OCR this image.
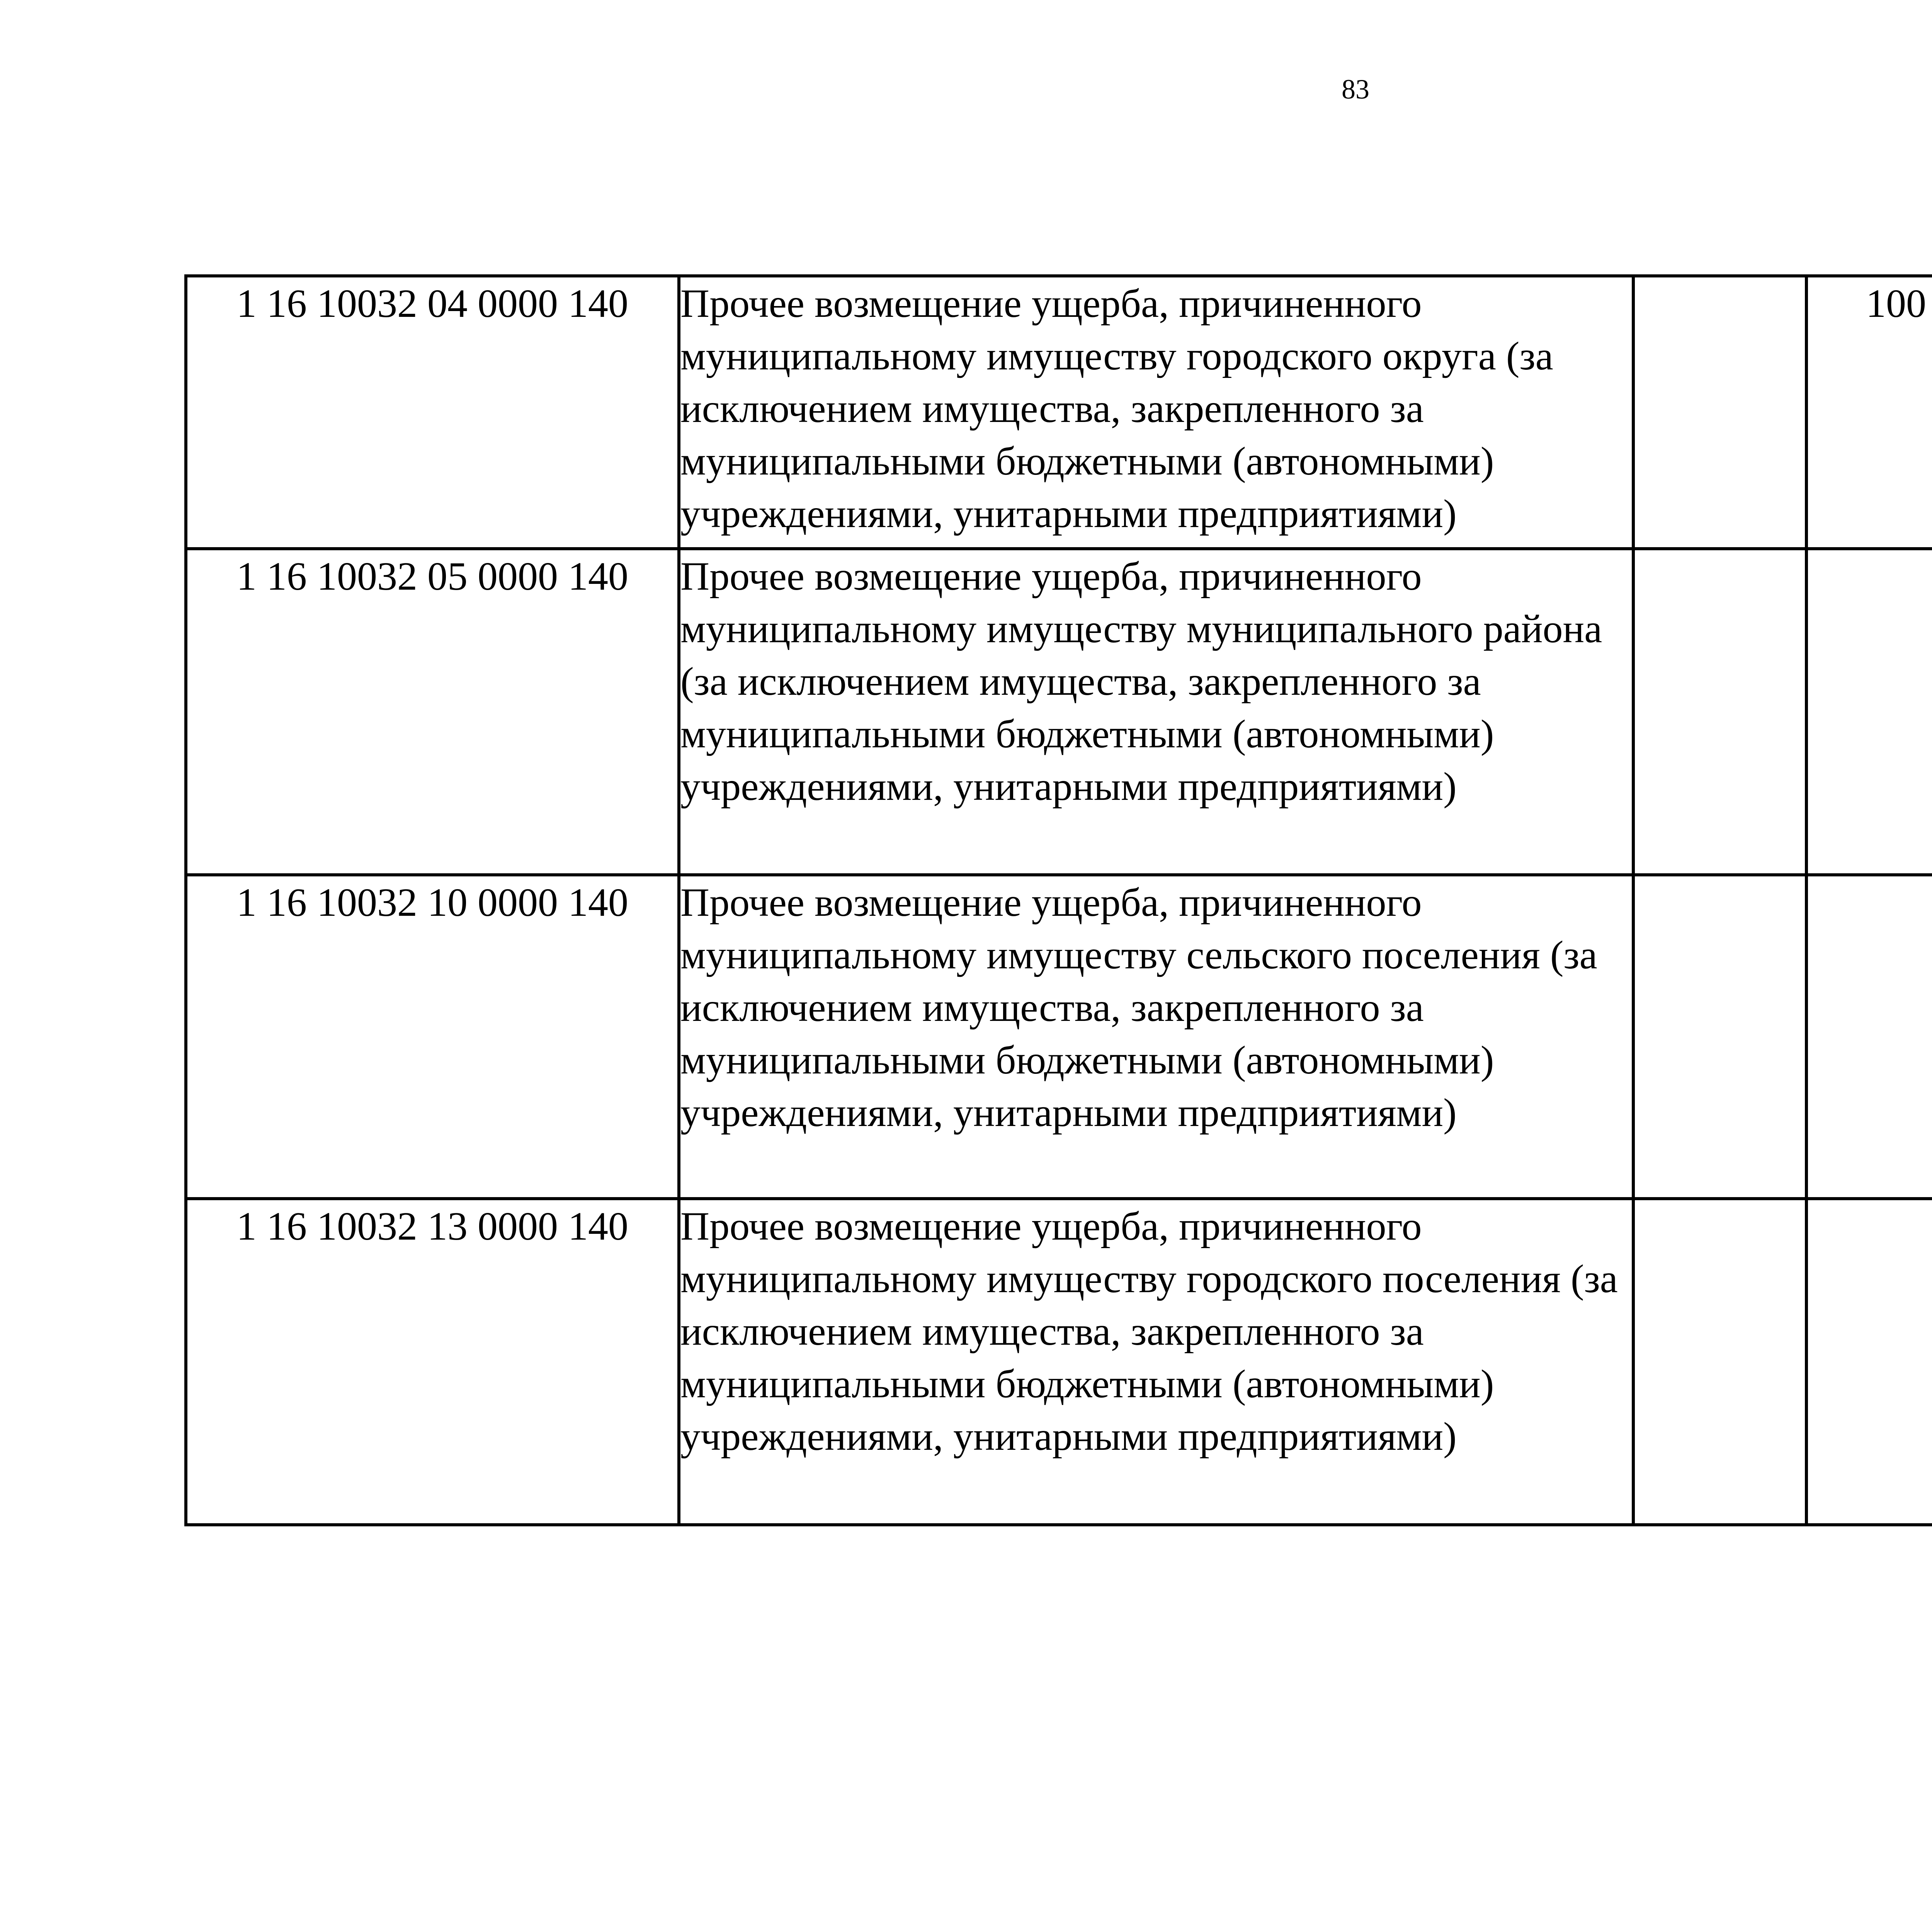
83
1 16 10032 04 0000 140	Прочее возмещение ущерба, причиненного муниципальному имуществу городского округа (за исключением имущества, закрепленного за муниципальными бюджетными (автономными) учреждениями, унитарными предприятиями)		100			
1 16 10032 05 0000 140	Прочее возмещение ущерба, причиненного муниципальному имуществу муниципального района (за исключением имущества, закрепленного за муниципальными бюджетными (автономными) учреждениями, унитарными предприятиями)					
1 16 10032 10 0000 140	Прочее возмещение ущерба, причиненного муниципальному имуществу сельского поселения (за исключением имущества, закрепленного за муниципальными бюджетными (автономными) учреждениями, унитарными предприятиями)					
1 16 10032 13 0000 140	Прочее возмещение ущерба, причиненного муниципальному имуществу городского поселения (за исключением имущества, закрепленного за муниципальными бюджетными (автономными) учреждениями, унитарными предприятиями)					
